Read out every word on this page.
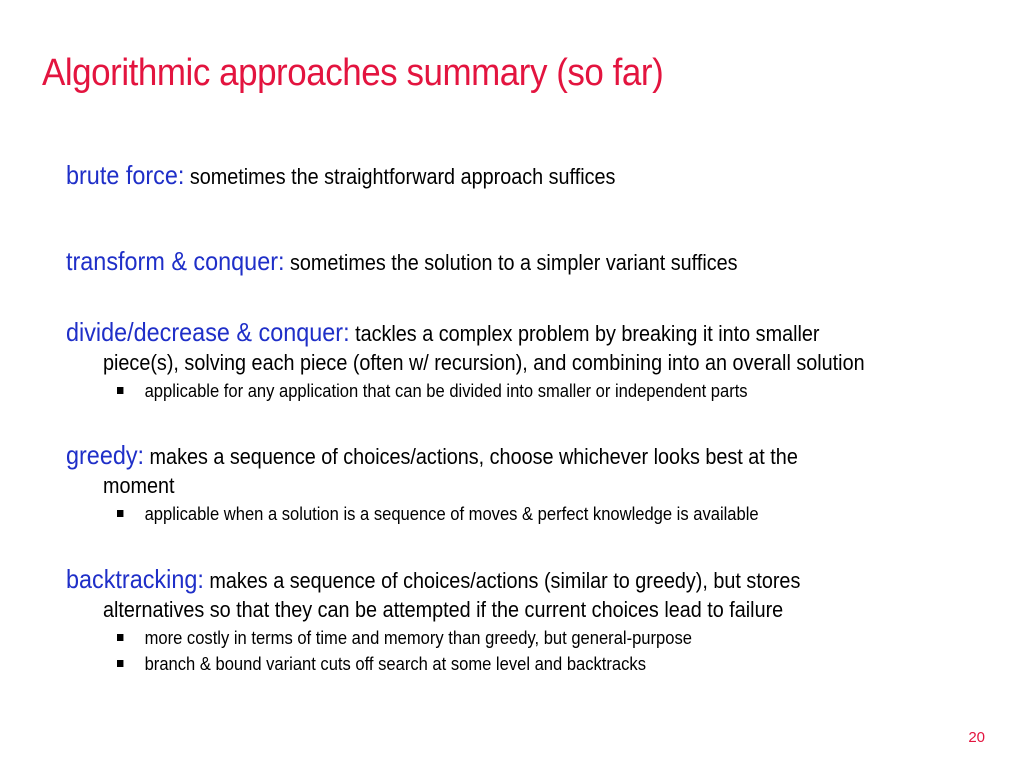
Algorithmic approaches summary (so far)
brute force: sometimes the straightforward approach suffices
transform & conquer: sometimes the solution to a simpler variant suffices
divide/decrease & conquer: tackles a complex problem by breaking it into smaller
piece(s), solving each piece (often w/ recursion), and combining into an overall solution
applicable for any application that can be divided into smaller or independent parts
greedy: makes a sequence of choices/actions, choose whichever looks best at the
moment
applicable when a solution is a sequence of moves & perfect knowledge is available
backtracking: makes a sequence of choices/actions (similar to greedy), but stores
alternatives so that they can be attempted if the current choices lead to failure
more costly in terms of time and memory than greedy, but general-purpose
branch & bound variant cuts off search at some level and backtracks
20
